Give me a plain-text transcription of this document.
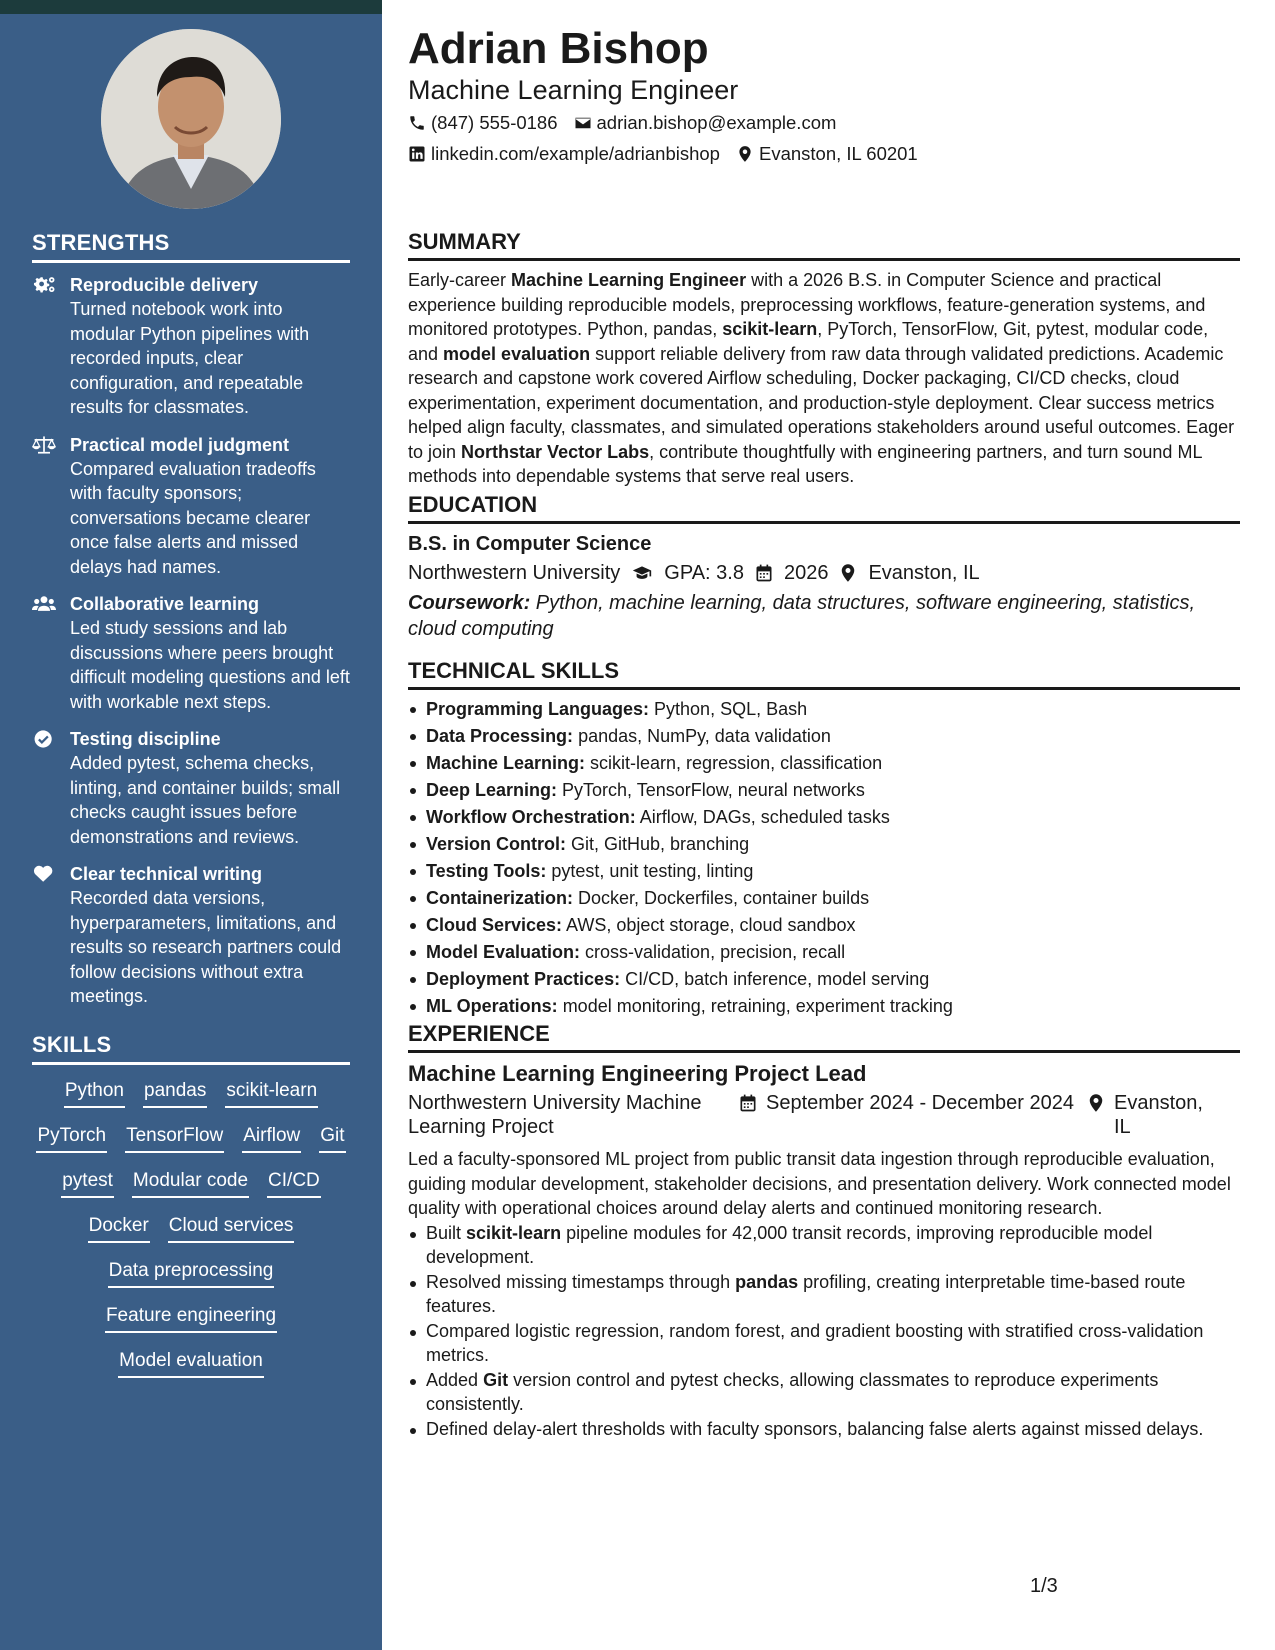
STRENGTHS
Reproducible delivery
Turned notebook work into modular Python pipelines with recorded inputs, clear configuration, and repeatable results for classmates.
Practical model judgment
Compared evaluation tradeoffs with faculty sponsors; conversations became clearer once false alerts and missed delays had names.
Collaborative learning
Led study sessions and lab discussions where peers brought difficult modeling questions and left with workable next steps.
Testing discipline
Added pytest, schema checks, linting, and container builds; small checks caught issues before demonstrations and reviews.
Clear technical writing
Recorded data versions, hyperparameters, limitations, and results so research partners could follow decisions without extra meetings.
SKILLS
Python pandas scikit-learn
PyTorch TensorFlow Airflow Git
pytest Modular code CI/CD
Docker Cloud services
Data preprocessing
Feature engineering
Model evaluation
Adrian Bishop
Machine Learning Engineer
(847) 555-0186 adrian.bishop@example.com
linkedin.com/example/adrianbishop Evanston, IL 60201
SUMMARY

Early-career Machine Learning Engineer with a 2026 B.S. in Computer Science and practical experience building reproducible models, preprocessing workflows, feature-generation systems, and monitored prototypes. Python, pandas, scikit-learn, PyTorch, TensorFlow, Git, pytest, modular code, and model evaluation support reliable delivery from raw data through validated predictions. Academic research and capstone work covered Airflow scheduling, Docker packaging, CI/CD checks, cloud experimentation, experiment documentation, and production-style deployment. Clear success metrics helped align faculty, classmates, and simulated operations stakeholders around useful outcomes. Eager to join Northstar Vector Labs, contribute thoughtfully with engineering partners, and turn sound ML methods into dependable systems that serve real users.

EDUCATION
B.S. in Computer Science
Northwestern University GPA: 3.8 2026 Evanston, IL
Coursework: Python, machine learning, data structures, software engineering, statistics, cloud computing
TECHNICAL SKILLS
Programming Languages: Python, SQL, Bash
Data Processing: pandas, NumPy, data validation
Machine Learning: scikit-learn, regression, classification
Deep Learning: PyTorch, TensorFlow, neural networks
Workflow Orchestration: Airflow, DAGs, scheduled tasks
Version Control: Git, GitHub, branching
Testing Tools: pytest, unit testing, linting
Containerization: Docker, Dockerfiles, container builds
Cloud Services: AWS, object storage, cloud sandbox
Model Evaluation: cross-validation, precision, recall
Deployment Practices: CI/CD, batch inference, model serving
ML Operations: model monitoring, retraining, experiment tracking
EXPERIENCE
Machine Learning Engineering Project Lead
Northwestern University Machine Learning Project
September 2024 - December 2024 Evanston, IL

Led a faculty-sponsored ML project from public transit data ingestion through reproducible evaluation, guiding modular development, stakeholder decisions, and presentation delivery. Work connected model quality with operational choices around delay alerts and continued monitoring research.

Built scikit-learn pipeline modules for 42,000 transit records, improving reproducible model development.
Resolved missing timestamps through pandas profiling, creating interpretable time-based route features.
Compared logistic regression, random forest, and gradient boosting with stratified cross-validation metrics.
Added Git version control and pytest checks, allowing classmates to reproduce experiments consistently.
Defined delay-alert thresholds with faculty sponsors, balancing false alerts against missed delays.
1/3
